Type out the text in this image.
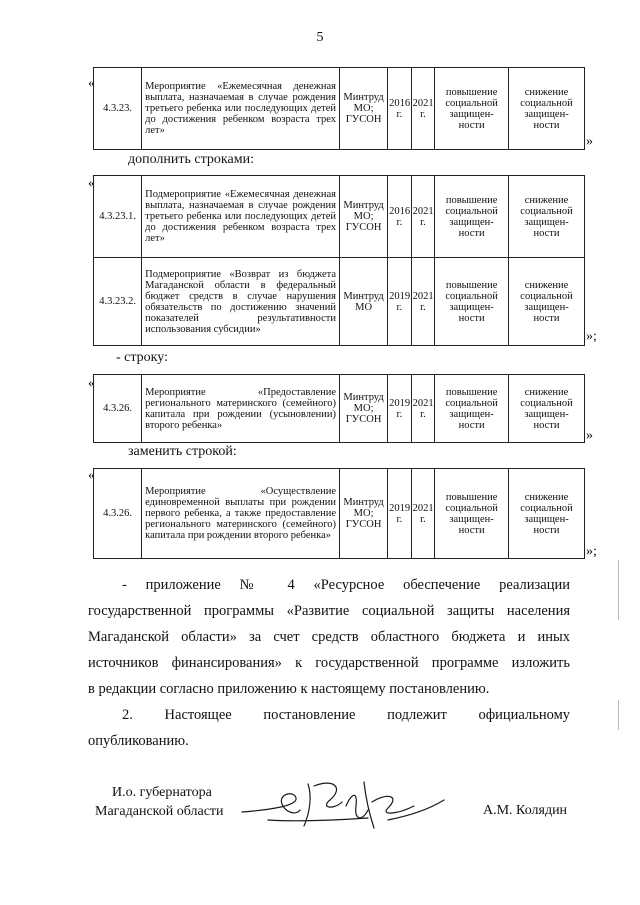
5
«
4.3.23.	Мероприятие «Ежемесячная денежная выплата, назначаемая в случае рождения третьего ребенка или последующих детей до достижения ребенком возраста трех лет»	Минтруд МО; ГУСОН	2016 г.	2021 г.	повышение социальной защищен-ности	снижение социальной защищен-ности
»
дополнить строками:
«
4.3.23.1.	Подмероприятие «Ежемесячная денежная выплата, назначаемая в случае рождения третьего ребенка или последующих детей до достижения ребенком возраста трех лет»	Минтруд МО; ГУСОН	2016 г.	2021 г.	повышение социальной защищен-ности	снижение социальной защищен-ности
4.3.23.2.	Подмероприятие «Возврат из бюджета Магаданской области в федеральный бюджет средств в случае нарушения обязательств по достижению значений показателей результативности использования субсидии»	Минтруд МО	2019 г.	2021 г.	повышение социальной защищен-ности	снижение социальной защищен-ности
»;
- строку:
«
4.3.26.	Мероприятие «Предоставление регионального материнского (семейного) капитала при рождении (усыновлении) второго ребенка»	Минтруд МО; ГУСОН	2019 г.	2021 г.	повышение социальной защищен-ности	снижение социальной защищен-ности
»
заменить строкой:
«
4.3.26.	Мероприятие «Осуществление единовременной выплаты при рождении первого ребенка, а также предоставление регионального материнского (семейного) капитала при рождении второго ребенка»	Минтруд МО; ГУСОН	2019 г.	2021 г.	повышение социальной защищен-ности	снижение социальной защищен-ности
»;
- приложение № 4 «Ресурсное обеспечение реализации
государственной программы «Развитие социальной защиты населения
Магаданской области» за счет средств областного бюджета и иных
источников финансирования» к государственной программе изложить
в редакции согласно приложению к настоящему постановлению.
2. Настоящее постановление подлежит официальному
опубликованию.
И.о. губернатора
Магаданской области	А.М. Колядин
